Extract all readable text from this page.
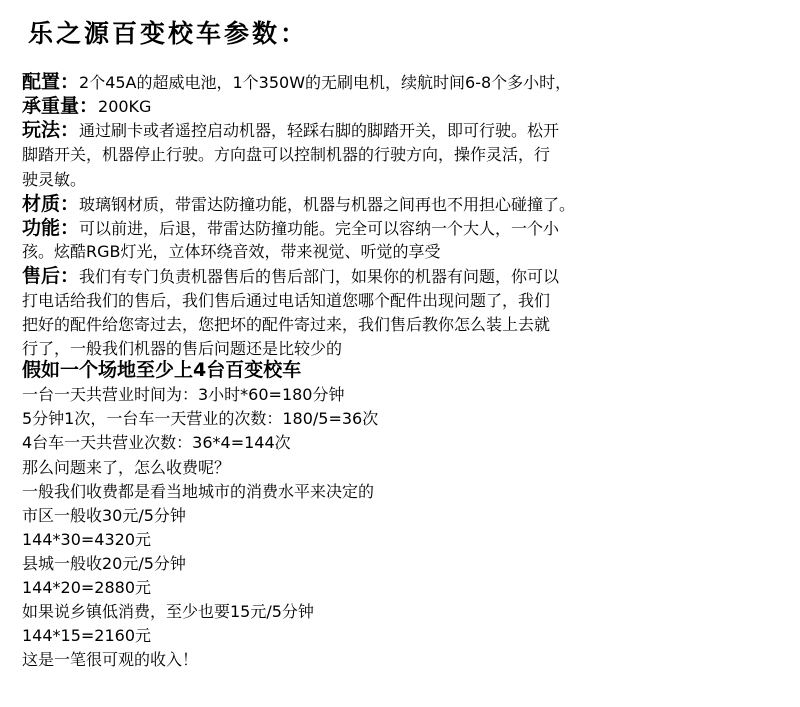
乐之源百变校车参数：
配置：2个45A的超威电池，1个350W的无刷电机，续航时间6-8个多小时，
承重量：200KG
玩法：通过刷卡或者遥控启动机器，轻踩右脚的脚踏开关，即可行驶。松开
脚踏开关，机器停止行驶。方向盘可以控制机器的行驶方向，操作灵活，行
驶灵敏。
材质：玻璃钢材质，带雷达防撞功能，机器与机器之间再也不用担心碰撞了。
功能：可以前进，后退，带雷达防撞功能。完全可以容纳一个大人，一个小
孩。炫酷RGB灯光，立体环绕音效，带来视觉、听觉的享受
售后：我们有专门负责机器售后的售后部门，如果你的机器有问题，你可以
打电话给我们的售后，我们售后通过电话知道您哪个配件出现问题了，我们
把好的配件给您寄过去，您把坏的配件寄过来，我们售后教你怎么装上去就
行了，一般我们机器的售后问题还是比较少的
假如一个场地至少上4台百变校车
一台一天共营业时间为：3小时*60=180分钟
5分钟1次，一台车一天营业的次数：180/5=36次
4台车一天共营业次数：36*4=144次
那么问题来了，怎么收费呢？
一般我们收费都是看当地城市的消费水平来决定的
市区一般收30元/5分钟
144*30=4320元
县城一般收20元/5分钟
144*20=2880元
如果说乡镇低消费，至少也要15元/5分钟
144*15=2160元
这是一笔很可观的收入！
